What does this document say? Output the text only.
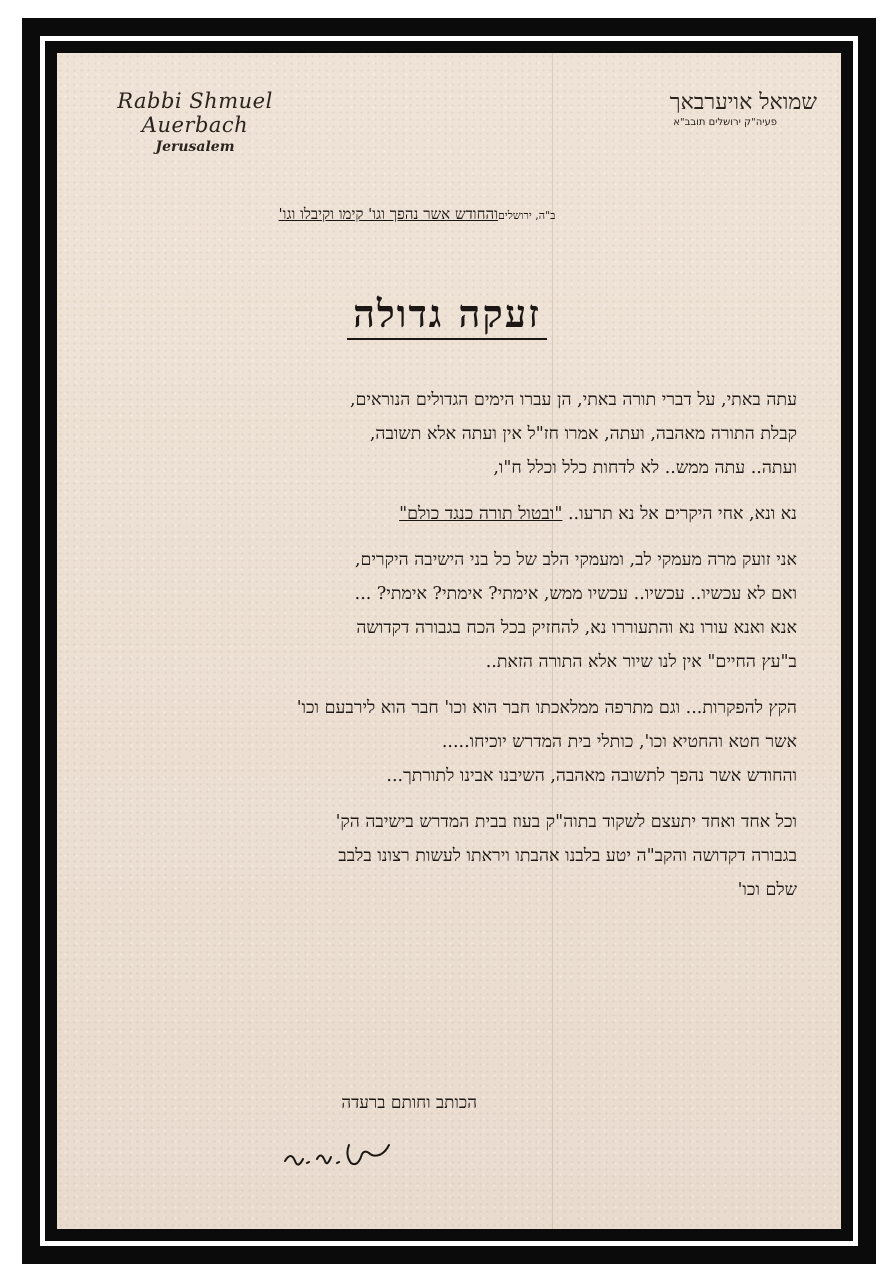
Rabbi Shmuel Auerbach
Jerusalem
שמואל אויערבאך
פעיה"ק ירושלים תובב"א
ב"ה, ירושליםוהחודש אשר נהפך וגו' קימו וקיבלו וגו'
זעקה גדולה
עתה באתי, על דברי תורה באתי, הן עברו הימים הגדולים הנוראים,
קבלת התורה מאהבה, ועתה, אמרו חז"ל אין ועתה אלא תשובה,
ועתה.. עתה ממש.. לא לדחות כלל וכלל ח"ו,
נא ונא, אחי היקרים אל נא תרעו.. "ובטול תורה כנגד כולם"
אני זועק מרה מעמקי לב, ומעמקי הלב של כל בני הישיבה היקרים,
ואם לא עכשיו.. עכשיו.. עכשיו ממש, אימתי? אימתי? אימתי? ...
אנא ואנא עורו נא והתעוררו נא, להחזיק בכל הכח בגבורה דקדושה
ב"עץ החיים" אין לנו שיור אלא התורה הזאת..
הקץ להפקרות... וגם מתרפה ממלאכתו חבר הוא וכו' חבר הוא לירבעם וכו'
אשר חטא והחטיא וכו', כותלי בית המדרש יוכיחו.....
והחודש אשר נהפך לתשובה מאהבה, השיבנו אבינו לתורתך...
וכל אחד ואחד יתעצם לשקוד בתוה"ק בעוז בבית המדרש בישיבה הק'
בגבורה דקדושה והקב"ה יטע בלבנו אהבתו ויראתו לעשות רצונו בלבב
שלם וכו'
הכותב וחותם ברעדה
